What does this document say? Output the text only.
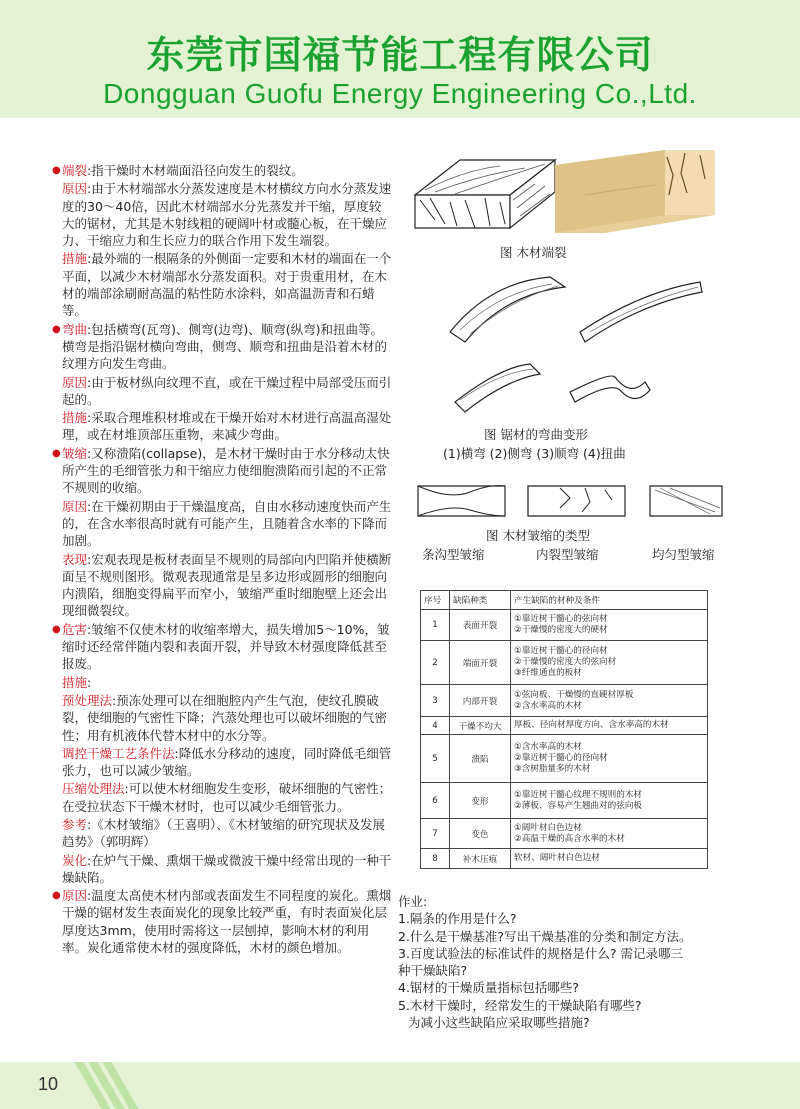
东莞市国福节能工程有限公司
Dongguan Guofu Energy Engineering Co.,Ltd.

● 端裂:指干燥时木材端面沿径向发生的裂纹。

原因:由于木材端部水分蒸发速度是木材横纹方向水分蒸发速度的30～40倍，因此木材端部水分先蒸发并干缩，厚度较大的锯材，尤其是木射线粗的硬阔叶材或髓心板，在干燥应力、干缩应力和生长应力的联合作用下发生端裂。

措施:最外端的一根隔条的外侧面一定要和木材的端面在一个平面，以减少木材端部水分蒸发面积。对于贵重用材，在木材的端部涂刷耐高温的粘性防水涂料，如高温沥青和石蜡等。

● 弯曲:包括横弯(瓦弯)、侧弯(边弯)、顺弯(纵弯)和扭曲等。横弯是指沿锯材横向弯曲，侧弯、顺弯和扭曲是沿着木材的纹理方向发生弯曲。

原因:由于板材纵向纹理不直，或在干燥过程中局部受压而引起的。

措施:采取合理堆积材堆或在干燥开始对木材进行高温高湿处理，或在材堆顶部压重物，来减少弯曲。

● 皱缩:又称溃陷(collapse)，是木材干燥时由于水分移动太快所产生的毛细管张力和干缩应力使细胞溃陷而引起的不正常不规则的收缩。

原因:在干燥初期由于干燥温度高，自由水移动速度快而产生的，在含水率很高时就有可能产生，且随着含水率的下降而加剧。

表现:宏观表现是板材表面呈不规则的局部向内凹陷并使横断面呈不规则图形。微观表现通常是呈多边形或圆形的细胞向内溃陷，细胞变得扁平而窄小，皱缩严重时细胞壁上还会出现细微裂纹。

● 危害:皱缩不仅使木材的收缩率增大，损失增加5～10%，皱缩时还经常伴随内裂和表面开裂，并导致木材强度降低甚至报废。

措施:

预处理法:预冻处理可以在细胞腔内产生气泡，使纹孔膜破裂，使细胞的气密性下降；汽蒸处理也可以破坏细胞的气密性；用有机液体代替木材中的水分等。

调控干燥工艺条件法:降低水分移动的速度，同时降低毛细管张力，也可以减少皱缩。

压缩处理法:可以使木材细胞发生变形，破坏细胞的气密性；在受拉状态下干燥木材时，也可以减少毛细管张力。

参考:《木材皱缩》（王喜明）、《木材皱缩的研究现状及发展趋势》（郭明辉）

炭化:在炉气干燥、熏烟干燥或微波干燥中经常出现的一种干燥缺陷。

● 原因:温度太高使木材内部或表面发生不同程度的炭化。熏烟干燥的锯材发生表面炭化的现象比较严重，有时表面炭化层厚度达3mm，使用时需将这一层刨掉，影响木材的利用率。炭化通常使木材的强度降低，木材的颜色增加。

图 木材端裂
图 锯材的弯曲变形
(1)横弯 (2)侧弯 (3)顺弯 (4)扭曲
图 木材皱缩的类型
条沟型皱缩	内裂型皱缩	均匀型皱缩
序号	缺陷种类	产生缺陷的材种及条件
1	表面开裂	①靠近树干髓心的弦向材
②干燥慢的密度大的硬材

2	端面开裂	①靠近树干髓心的径向材
②干燥慢的密度大的弦向材
③纤维通直的板材

3	内部开裂	①弦向板、干燥慢的直硬材厚板
②含水率高的木材

4	干燥不均大	厚板、径向材厚度方向、含水率高的木材

5	溃陷	①含水率高的木材
②靠近树干髓心的径向材
③含树脂量多的木材

6	变形	①靠近树干髓心纹理不规则的木材
②薄板、容易产生翘曲对的弦向板

7	变色	①阔叶材白色边材
②高温干燥的高含水率的木材

8	补木压痕	软材、阔叶材白色边材
作业:
1.隔条的作用是什么?
2.什么是干燥基准?写出干燥基准的分类和制定方法。
3.百度试验法的标准试件的规格是什么? 需记录哪三
种干燥缺陷?
4.锯材的干燥质量指标包括哪些?
5.木材干燥时，经常发生的干燥缺陷有哪些?
为减小这些缺陷应采取哪些措施?
10
